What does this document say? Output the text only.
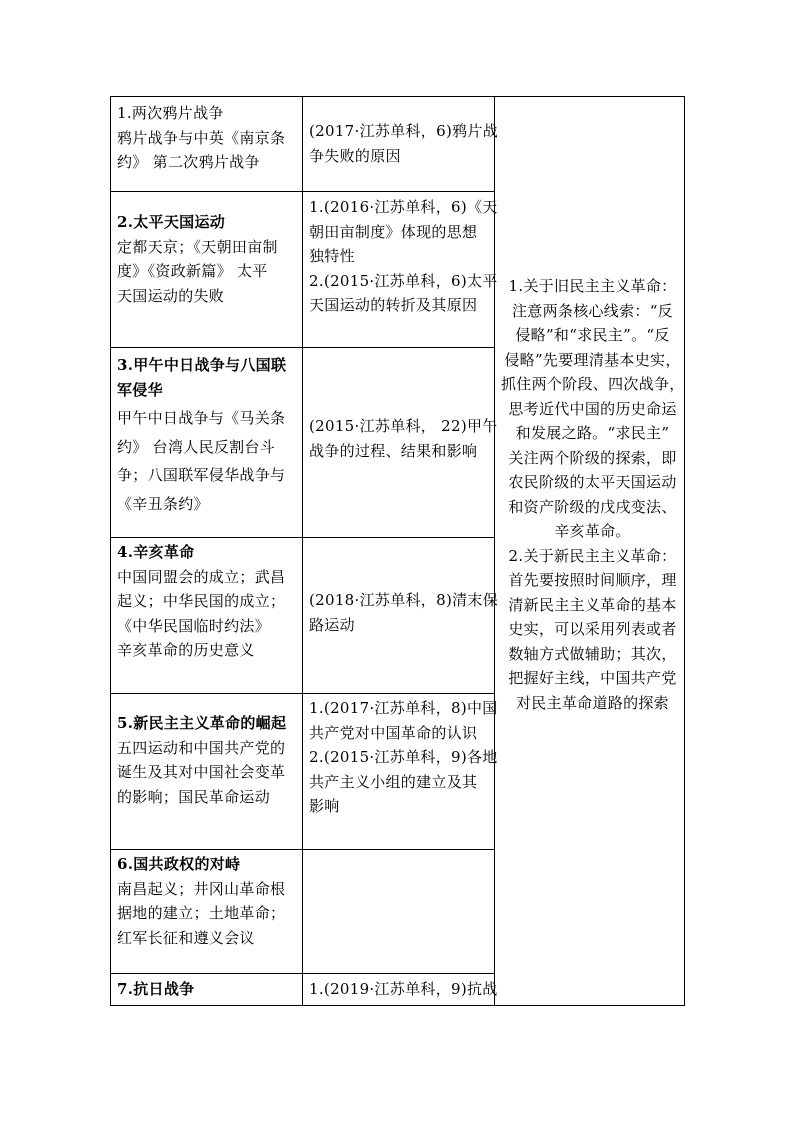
1.两次鸦片战争
鸦片战争与中英《南京条
约》 第二次鸦片战争
(2017·江苏单科，6)鸦片战
争失败的原因
2.太平天国运动
定都天京；《天朝田亩制
度》《资政新篇》 太平
天国运动的失败
1.(2016·江苏单科，6)《天
朝田亩制度》体现的思想
独特性
2.(2015·江苏单科，6)太平
天国运动的转折及其原因
3.甲午中日战争与八国联
军侵华
甲午中日战争与《马关条
约》 台湾人民反割台斗
争；八国联军侵华战争与
《辛丑条约》
(2015·江苏单科， 22)甲午
战争的过程、结果和影响
4.辛亥革命
中国同盟会的成立；武昌
起义；中华民国的成立；
《中华民国临时约法》
辛亥革命的历史意义
(2018·江苏单科，8)清末保
路运动
5.新民主主义革命的崛起
五四运动和中国共产党的
诞生及其对中国社会变革
的影响；国民革命运动
1.(2017·江苏单科，8)中国
共产党对中国革命的认识
2.(2015·江苏单科，9)各地
共产主义小组的建立及其
影响
6.国共政权的对峙
南昌起义；井冈山革命根
据地的建立；土地革命；
红军长征和遵义会议
7.抗日战争	1.(2019·江苏单科，9)抗战
1.关于旧民主主义革命：
注意两条核心线索：“反
侵略”和“求民主”。“反
侵略”先要理清基本史实，
抓住两个阶段、四次战争，
思考近代中国的历史命运
和发展之路。“求民主”
关注两个阶级的探索，即
农民阶级的太平天国运动
和资产阶级的戊戌变法、
辛亥革命。
2.关于新民主主义革命：
首先要按照时间顺序，理
清新民主主义革命的基本
史实，可以采用列表或者
数轴方式做辅助；其次，
把握好主线，中国共产党
对民主革命道路的探索
